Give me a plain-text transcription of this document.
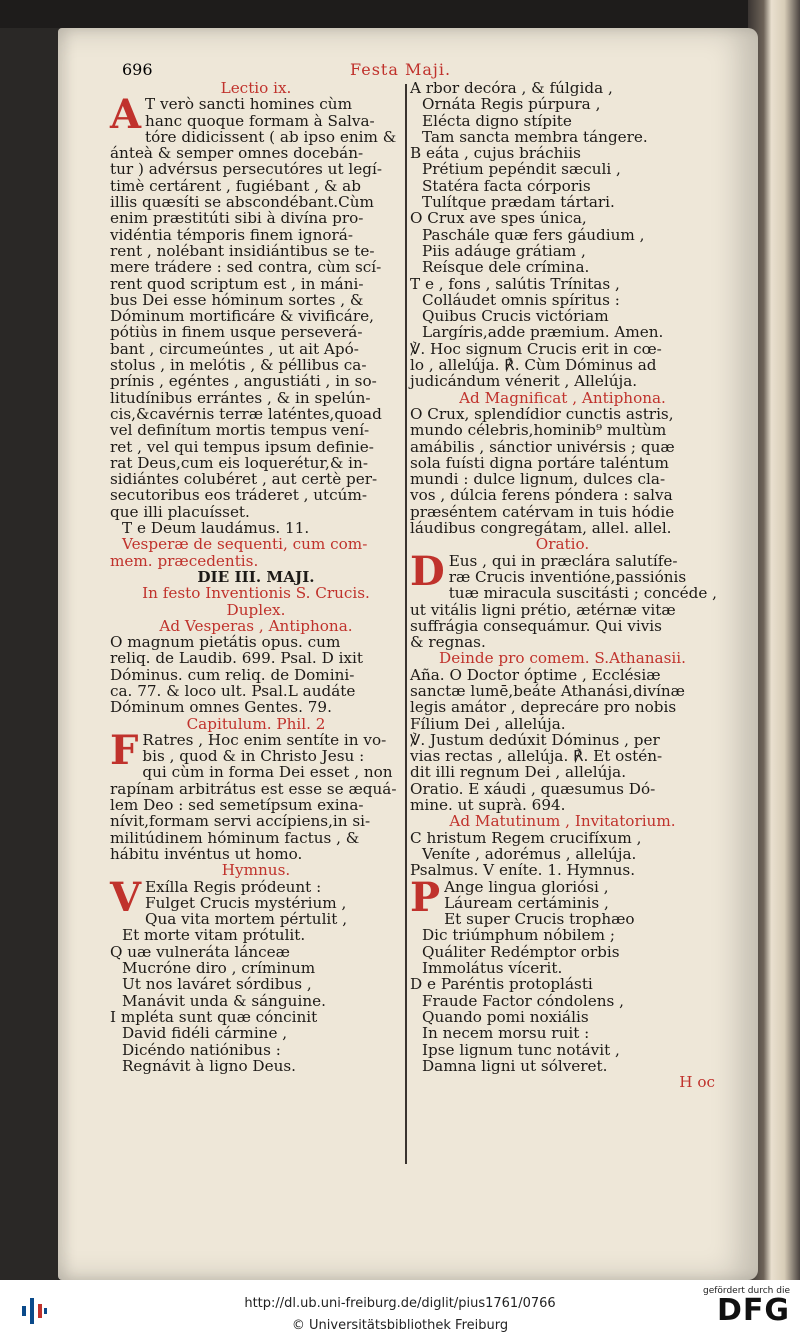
696	Festa Maji.

Lectio ix.

A T verò sancti homines cùm

hanc quoque formam à Salva-

tóre didicissent ( ab ipso enim &

ánteà & semper omnes docebán-

tur ) advérsus persecutóres ut legí-

timè certárent , fugiébant , & ab

illis quæsíti se abscondébant.Cùm

enim præstitúti sibi à divína pro-

vidéntia témporis finem ignorá-

rent , nolébant insidiántibus se te-

mere trádere : sed contra, cùm scí-

rent quod scriptum est , in máni-

bus Dei esse hóminum sortes , &

Dóminum mortificáre & vivificáre,

pótiùs in finem usque perseverá-

bant , circumeúntes , ut ait Apó-

stolus , in melótis , & péllibus ca-

prínis , egéntes , angustiáti , in so-

litudínibus errántes , & in spelún-

cis,&cavérnis terræ laténtes,quoad

vel definítum mortis tempus vení-

ret , vel qui tempus ipsum definie-

rat Deus,cum eis loquerétur,& in-

sidiántes colubéret , aut certè per-

secutoribus eos tráderet , utcúm-

que illi placuísset.

T e Deum laudámus. 11.

Vesperæ de sequenti, cum com-

mem. præcedentis.

DIE III. MAJI.

In festo Inventionis S. Crucis.

Duplex.

Ad Vesperas , Antiphona.

O magnum pietátis opus. cum

reliq. de Laudib. 699. Psal. D ixit

Dóminus. cum reliq. de Domini-

ca. 77. & loco ult. Psal.L audáte

Dóminum omnes Gentes. 79.

Capitulum. Phil. 2

F Ratres , Hoc enim sentíte in vo-

bis , quod & in Christo Jesu :

qui cùm in forma Dei esset , non

rapínam arbitrátus est esse se æquá-

lem Deo : sed semetípsum exina-

nívit,formam servi accípiens,in si-

militúdinem hóminum factus , &

hábitu invéntus ut homo.

Hymnus.

V Exílla Regis pródeunt :

Fulget Crucis mystérium ,

Qua vita mortem pértulit ,

Et morte vitam prótulit.

Q uæ vulneráta lánceæ

Mucróne diro , críminum

Ut nos laváret sórdibus ,

Manávit unda & sánguine.

I mpléta sunt quæ cóncinit

David fidéli cármine ,

Dicéndo natiónibus :

Regnávit à ligno Deus.

A rbor decóra , & fúlgida ,

Ornáta Regis púrpura ,

Elécta digno stípite

Tam sancta membra tángere.

B eáta , cujus bráchiis

Prétium pepéndit sæculi ,

Statéra facta córporis

Tulítque prædam tártari.

O Crux ave spes única,

Paschále quæ fers gáudium ,

Piis adáuge grátiam ,

Reísque dele crímina.

T e , fons , salútis Trínitas ,

Colláudet omnis spíritus :

Quibus Crucis victóriam

Largíris,adde præmium. Amen.

℣. Hoc signum Crucis erit in cœ-

lo , allelúja. ℟. Cùm Dóminus ad

judicándum vénerit , Allelúja.

Ad Magnificat , Antiphona.

O Crux, splendídior cunctis astris,

mundo célebris,hominib⁹ multùm

amábilis , sánctior univérsis ; quæ

sola fuísti digna portáre taléntum

mundi : dulce lignum, dulces cla-

vos , dúlcia ferens póndera : salva

præséntem catérvam in tuis hódie

láudibus congregátam, allel. allel.

Oratio.

D Eus , qui in præclára salutífe-

ræ Crucis inventióne,passiónis

tuæ miracula suscitásti ; concéde ,

ut vitális ligni prétio, ætérnæ vitæ

suffrágia consequámur. Qui vivis

& regnas.

Deinde pro comem. S.Athanasii.

Aña. O Doctor óptime , Ecclésiæ

sanctæ lumē,beáte Athanási,divínæ

legis amátor , deprecáre pro nobis

Fílium Dei , allelúja.

℣. Justum dedúxit Dóminus , per

vias rectas , allelúja. ℟. Et ostén-

dit illi regnum Dei , allelúja.

Oratio. E xáudi , quæsumus Dó-

mine. ut suprà. 694.

Ad Matutinum , Invitatorium.

C hristum Regem crucifíxum ,

Veníte , adorémus , allelúja.

Psalmus. V eníte. 1. Hymnus.

P Ange lingua gloriósi ,

Láuream certáminis ,

Et super Crucis trophæo

Dic triúmphum nóbilem ;

Quáliter Redémptor orbis

Immolátus vícerit.

D e Paréntis protoplásti

Fraude Factor cóndolens ,

Quando pomi noxiális

In necem morsu ruit :

Ipse lignum tunc notávit ,

Damna ligni ut sólveret.

H oc

http://dl.ub.uni-freiburg.de/diglit/pius1761/0766
© Universitätsbibliothek Freiburg
gefördert durch die
DFG
